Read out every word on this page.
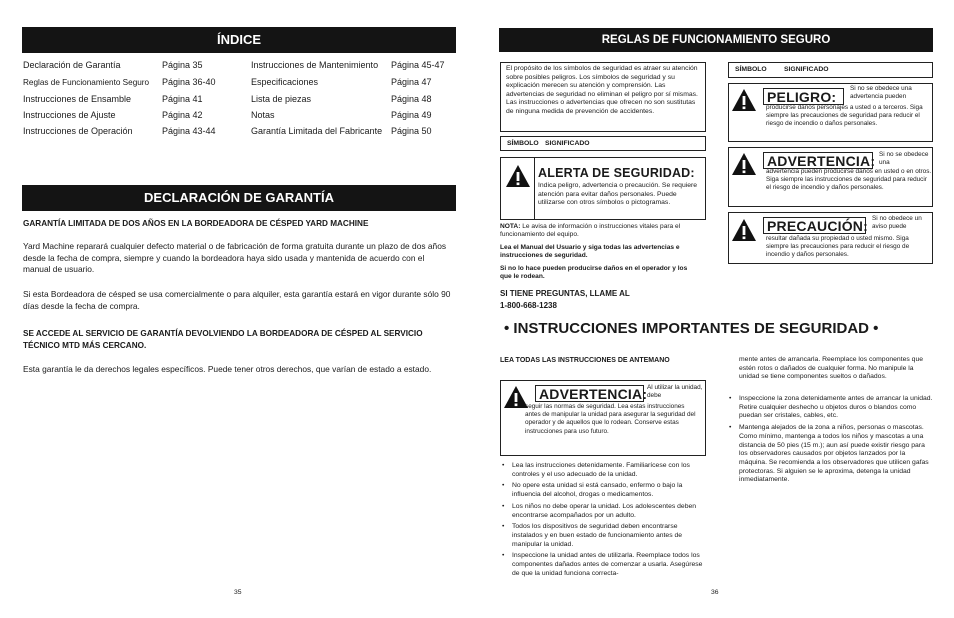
ÍNDICE
Declaración de Garantía	Página 35
Reglas de Funcionamiento Seguro Página 36-40
Instrucciones de Ensamble	Página 41
Instrucciones de Ajuste	Página 42
Instrucciones de Operación	Página 43-44
Instrucciones de Mantenimiento Página 45-47
Especificaciones	Página 47
Lista de piezas	Página 48
Notas	Página 49
Garantía Limitada del Fabricante Página 50
DECLARACIÓN DE GARANTÍA
GARANTÍA LIMITADA DE DOS AÑOS EN LA BORDEADORA DE CÉSPED YARD MACHINE
Yard Machine reparará cualquier defecto material o de fabricación de forma gratuita durante un plazo de dos años desde la fecha de compra, siempre y cuando la bordeadora haya sido usada y mantenida de acuerdo con el manual de usuario.
Si esta Bordeadora de césped se usa comercialmente o para alquiler, esta garantía estará en vigor durante sólo 90 días desde la fecha de compra.
SE ACCEDE AL SERVICIO DE GARANTÍA DEVOLVIENDO LA BORDEADORA DE CÉSPED AL SERVICIO TÉCNICO MTD MÁS CERCANO.
Esta garantía le da derechos legales específicos. Puede tener otros derechos, que varían de estado a estado.
35
REGLAS DE FUNCIONAMIENTO SEGURO
El propósito de los símbolos de seguridad es atraer su atención sobre posibles peligros. Los símbolos de seguridad y su explicación merecen su atención y comprensión. Las advertencias de seguridad no eliminan el peligro por sí mismas. Las instrucciones o advertencias que ofrecen no son sustitutas de ninguna medida de prevención de accidentes.
SÍMBOLO SIGNIFICADO
ALERTA DE SEGURIDAD:
Indica peligro, advertencia o precaución. Se requiere atención para evitar daños personales. Puede utilizarse con otros símbolos o pictogramas.
NOTA: Le avisa de información o instrucciones vitales para el funcionamiento del equipo.
Lea el Manual del Usuario y siga todas las advertencias e instrucciones de seguridad.
Si no lo hace pueden producirse daños en el operador y los que le rodean.
SI TIENE PREGUNTAS, LLAME AL
1-800-668-1238
SÍMBOLO	SIGNIFICADO
PELIGRO:
Si no se obedece una advertencia pueden
producirse daños personajes a usted o a terceros. Siga siempre las precauciones de seguridad para reducir el riesgo de incendio o daños personales.
ADVERTENCIA: Si no se obedece una
advertencia pueden producirse daños en usted o en otros. Siga siempre las instrucciones de seguridad para reducir el riesgo de incendio y daños personales.
PRECAUCIÓN: Si no obedece un aviso puede
resultar dañada su propiedad o usted mismo. Siga siempre las precauciones para reducir el riesgo de incendio y daños personales.
• INSTRUCCIONES IMPORTANTES DE SEGURIDAD •
LEA TODAS LAS INSTRUCCIONES DE ANTEMANO
ADVERTENCIA: Al utilizar la unidad, debe
seguir las normas de seguridad. Lea estas instrucciones antes de manipular la unidad para asegurar la seguridad del operador y de aquellos que lo rodean. Conserve estas instrucciones para uso futuro.
• Lea las instrucciones detenidamente. Familiarícese con los controles y el uso adecuado de la unidad.
• No opere esta unidad si está cansado, enfermo o bajo la influencia del alcohol, drogas o medicamentos.
• Los niños no debe operar la unidad. Los adolescentes deben encontrarse acompañados por un adulto.
• Todos los dispositivos de seguridad deben encontrarse instalados y en buen estado de funcionamiento antes de manipular la unidad.
• Inspeccione la unidad antes de utilizarla. Reemplace todos los componentes dañados antes de comenzar a usarla. Asegúrese de que la unidad funciona correcta-
mente antes de arrancarla. Reemplace los componentes que estén rotos o dañados de cualquier forma. No manipule la unidad se tiene componentes sueltos o dañados.
• Inspeccione la zona detenidamente antes de arrancar la unidad. Retire cualquier deshecho u objetos duros o blandos como puedan ser cristales, cables, etc.
• Mantenga alejados de la zona a niños, personas o mascotas. Como mínimo, mantenga a todos los niños y mascotas a una distancia de 50 pies (15 m.); aun así puede existir riesgo para los observadores causados por objetos lanzados por la máquina. Se recomienda a los observadores que utilicen gafas protectoras. Si alguien se le aproxima, detenga la unidad inmediatamente.
36
